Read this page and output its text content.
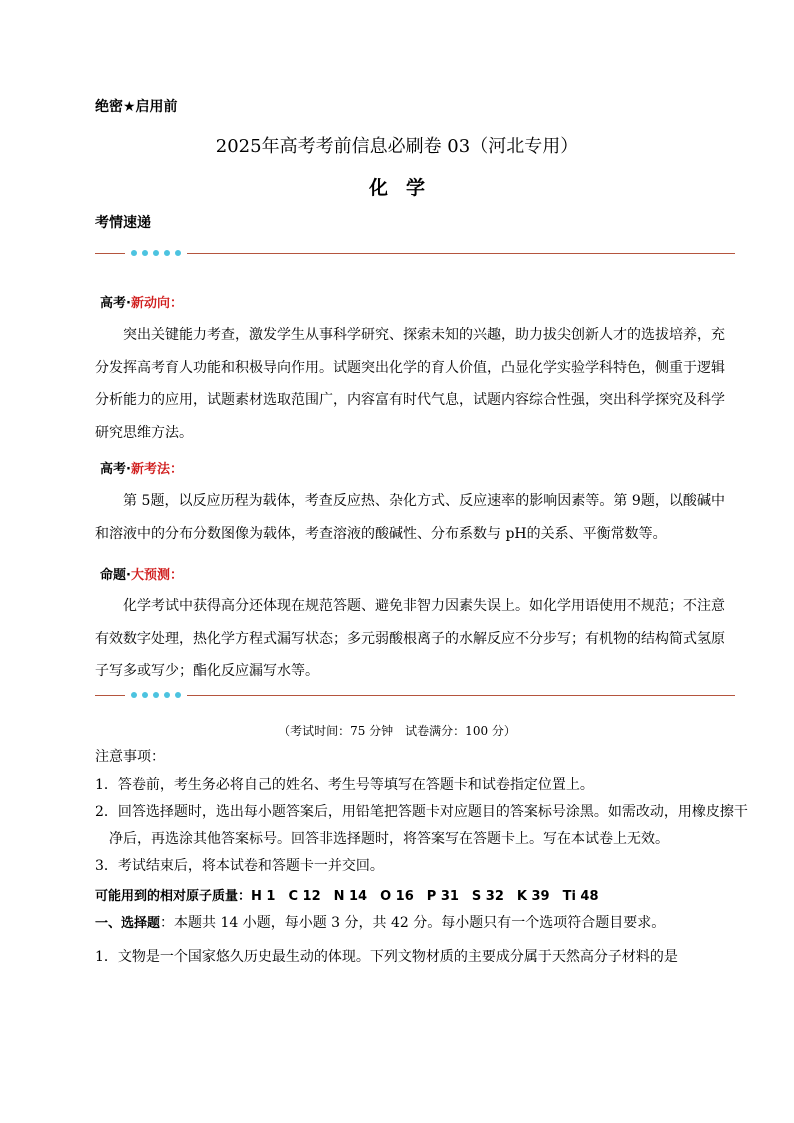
绝密★启用前
2025年高考考前信息必刷卷 03（河北专用）
化学
考情速递
高考·新动向：
突出关键能力考查，激发学生从事科学研究、探索未知的兴趣，助力拔尖创新人才的选拔培养，充分发挥高考育人功能和积极导向作用。试题突出化学的育人价值，凸显化学实验学科特色，侧重于逻辑分析能力的应用，试题素材选取范围广，内容富有时代气息，试题内容综合性强，突出科学探究及科学研究思维方法。
高考·新考法：
第 5题，以反应历程为载体，考查反应热、杂化方式、反应速率的影响因素等。第 9题，以酸碱中和溶液中的分布分数图像为载体，考查溶液的酸碱性、分布系数与 pH的关系、平衡常数等。
命题·大预测：
化学考试中获得高分还体现在规范答题、避免非智力因素失误上。如化学用语使用不规范；不注意有效数字处理，热化学方程式漏写状态；多元弱酸根离子的水解反应不分步写；有机物的结构简式氢原子写多或写少；酯化反应漏写水等。
（考试时间：75 分钟　试卷满分：100 分）
注意事项：
1．答卷前，考生务必将自己的姓名、考生号等填写在答题卡和试卷指定位置上。
2．回答选择题时，选出每小题答案后，用铅笔把答题卡对应题目的答案标号涂黑。如需改动，用橡皮擦干净后，再选涂其他答案标号。回答非选择题时，将答案写在答题卡上。写在本试卷上无效。
3．考试结束后，将本试卷和答题卡一并交回。
可能用到的相对原子质量：H 1　C 12　N 14　O 16　P 31　S 32　K 39　Ti 48
一、选择题：本题共 14 小题，每小题 3 分，共 42 分。每小题只有一个选项符合题目要求。
1．文物是一个国家悠久历史最生动的体现。下列文物材质的主要成分属于天然高分子材料的是
